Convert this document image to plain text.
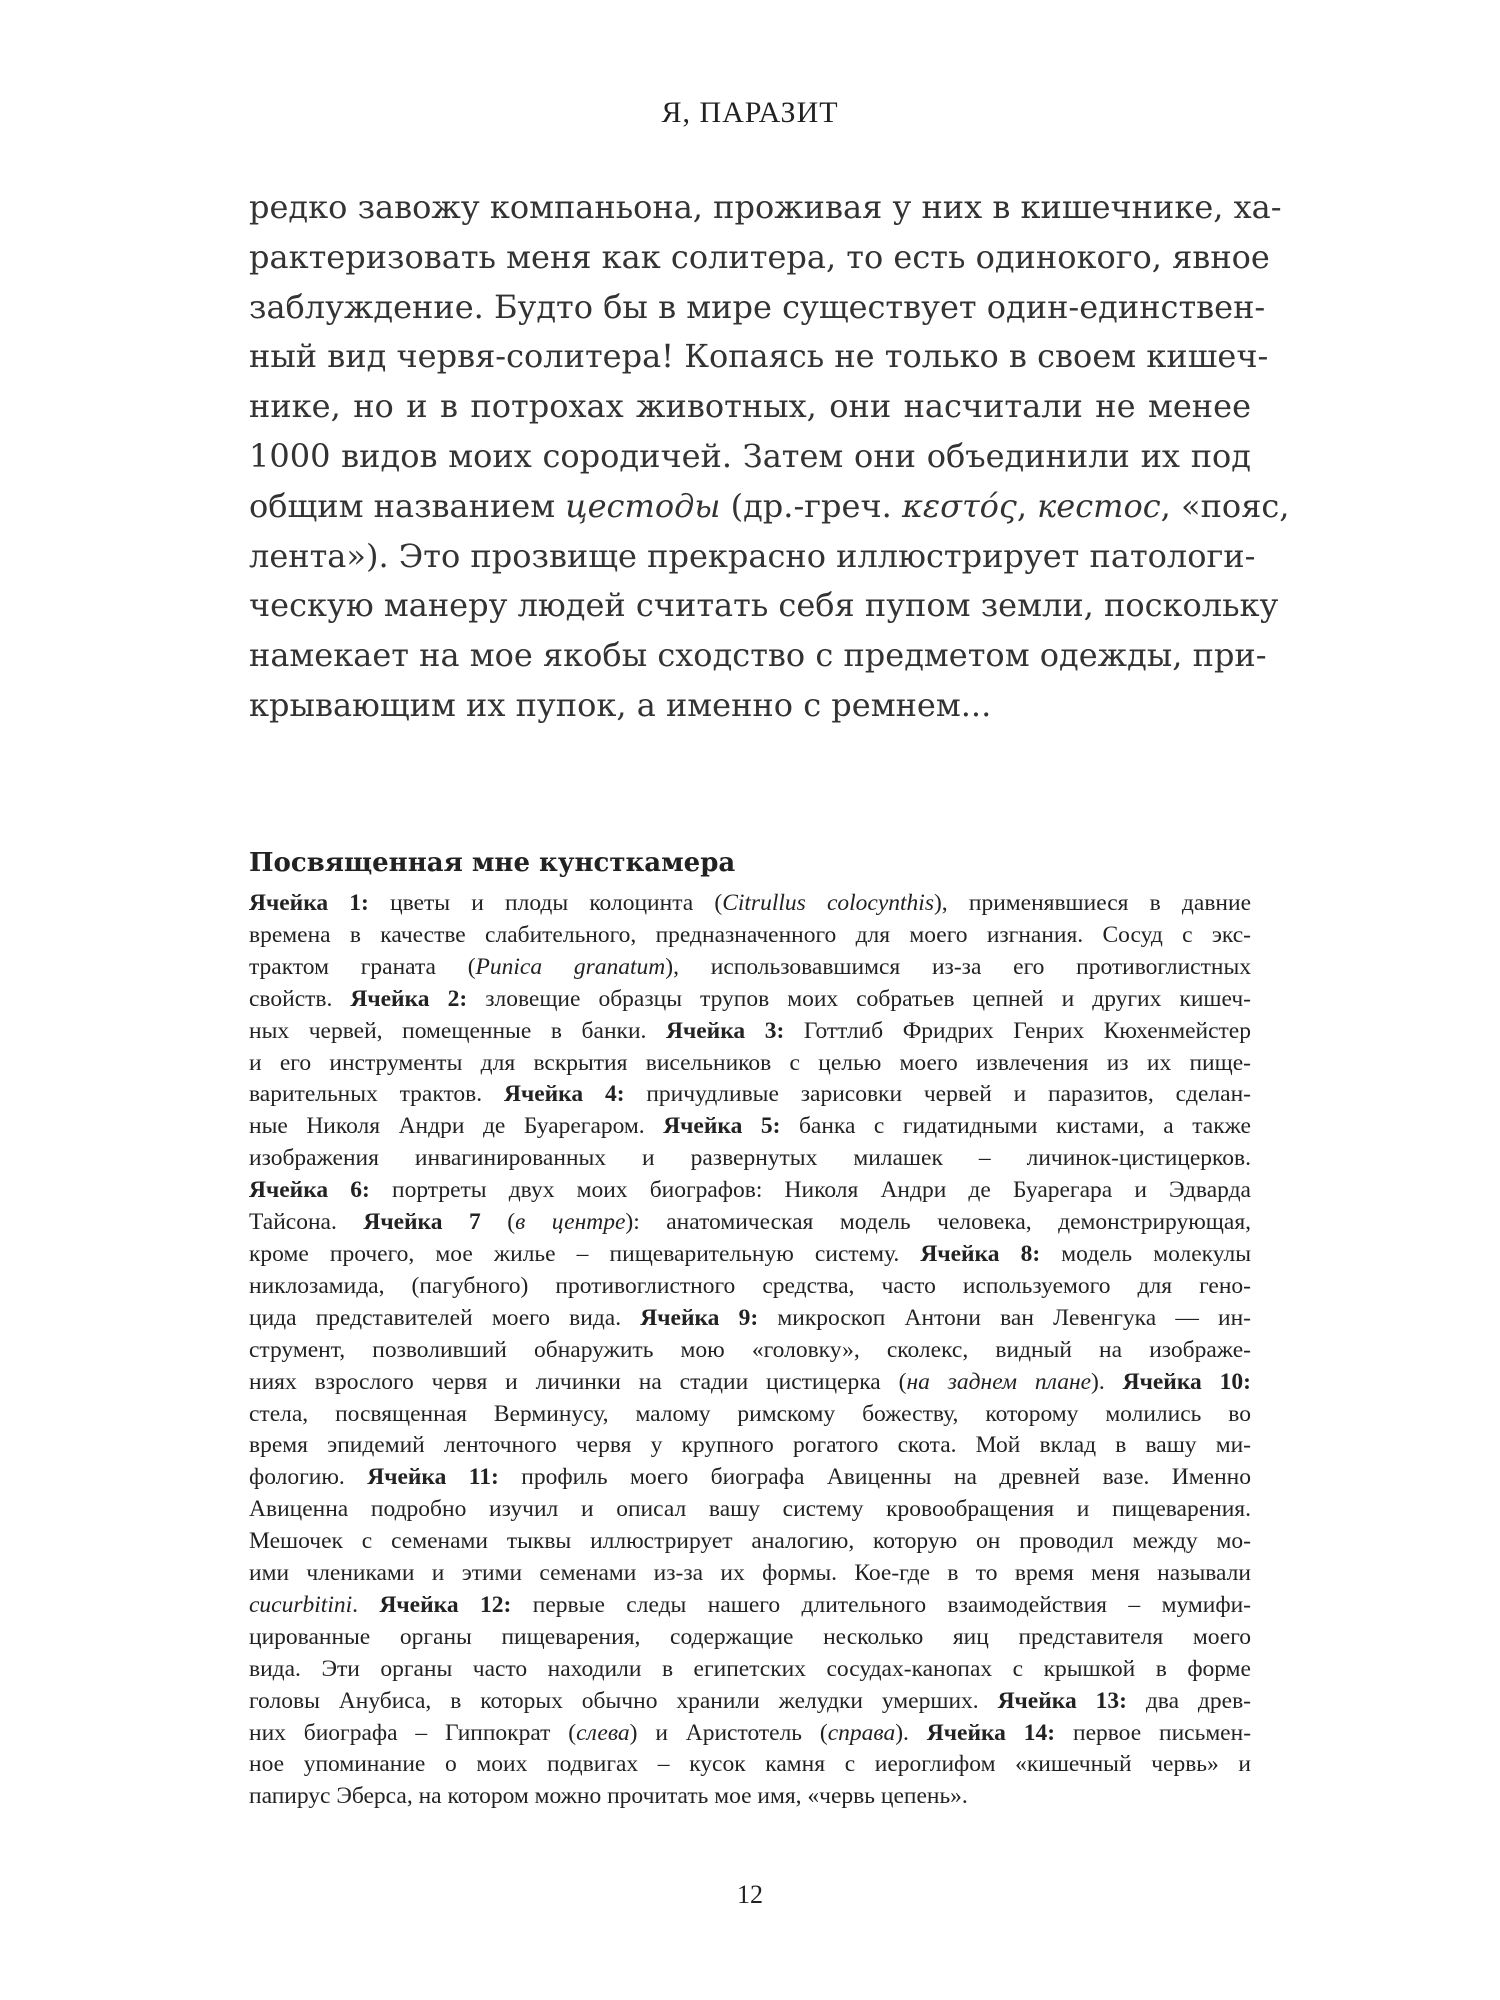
Я, ПАРАЗИТ
редко завожу компаньона, проживая у них в кишечнике, ха-
рактеризовать меня как солитера, то есть одинокого, явное
заблуждение. Будто бы в мире существует один-единствен-
ный вид червя-солитера! Копаясь не только в своем кишеч-
нике, но и в потрохах животных, они насчитали не менее
1000 видов моих сородичей. Затем они объединили их под
общим названием цестоды (др.-греч. κεστός, кестос, «пояс,
лента»). Это прозвище прекрасно иллюстрирует патологи-
ческую манеру людей считать себя пупом земли, поскольку
намекает на мое якобы сходство с предметом одежды, при-
крывающим их пупок, а именно с ремнем...
Посвященная мне кунсткамера
Ячейка 1: цветы и плоды колоцинта (Citrullus colocynthis), применявшиеся в давние
времена в качестве слабительного, предназначенного для моего изгнания. Сосуд с экс-
трактом граната (Punica granatum), использовавшимся из-за его противоглистных
свойств. Ячейка 2: зловещие образцы трупов моих собратьев цепней и других кишеч-
ных червей, помещенные в банки. Ячейка 3: Готтлиб Фридрих Генрих Кюхенмейстер
и его инструменты для вскрытия висельников с целью моего извлечения из их пище-
варительных трактов. Ячейка 4: причудливые зарисовки червей и паразитов, сделан-
ные Николя Андри де Буарегаром. Ячейка 5: банка с гидатидными кистами, а также
изображения инвагинированных и развернутых милашек – личинок-цистицерков.
Ячейка 6: портреты двух моих биографов: Николя Андри де Буарегара и Эдварда
Тайсона. Ячейка 7 (в центре): анатомическая модель человека, демонстрирующая,
кроме прочего, мое жилье – пищеварительную систему. Ячейка 8: модель молекулы
никлозамида, (пагубного) противоглистного средства, часто используемого для гено-
цида представителей моего вида. Ячейка 9: микроскоп Антони ван Левенгука — ин-
струмент, позволивший обнаружить мою «головку», сколекс, видный на изображе-
ниях взрослого червя и личинки на стадии цистицерка (на заднем плане). Ячейка 10:
стела, посвященная Верминусу, малому римскому божеству, которому молились во
время эпидемий ленточного червя у крупного рогатого скота. Мой вклад в вашу ми-
фологию. Ячейка 11: профиль моего биографа Авиценны на древней вазе. Именно
Авиценна подробно изучил и описал вашу систему кровообращения и пищеварения.
Мешочек с семенами тыквы иллюстрирует аналогию, которую он проводил между мо-
ими члениками и этими семенами из-за их формы. Кое-где в то время меня называли
cucurbitini. Ячейка 12: первые следы нашего длительного взаимодействия – мумифи-
цированные органы пищеварения, содержащие несколько яиц представителя моего
вида. Эти органы часто находили в египетских сосудах-канопах с крышкой в форме
головы Анубиса, в которых обычно хранили желудки умерших. Ячейка 13: два древ-
них биографа – Гиппократ (слева) и Аристотель (справа). Ячейка 14: первое письмен-
ное упоминание о моих подвигах – кусок камня с иероглифом «кишечный червь» и
папирус Эберса, на котором можно прочитать мое имя, «червь цепень».
12
